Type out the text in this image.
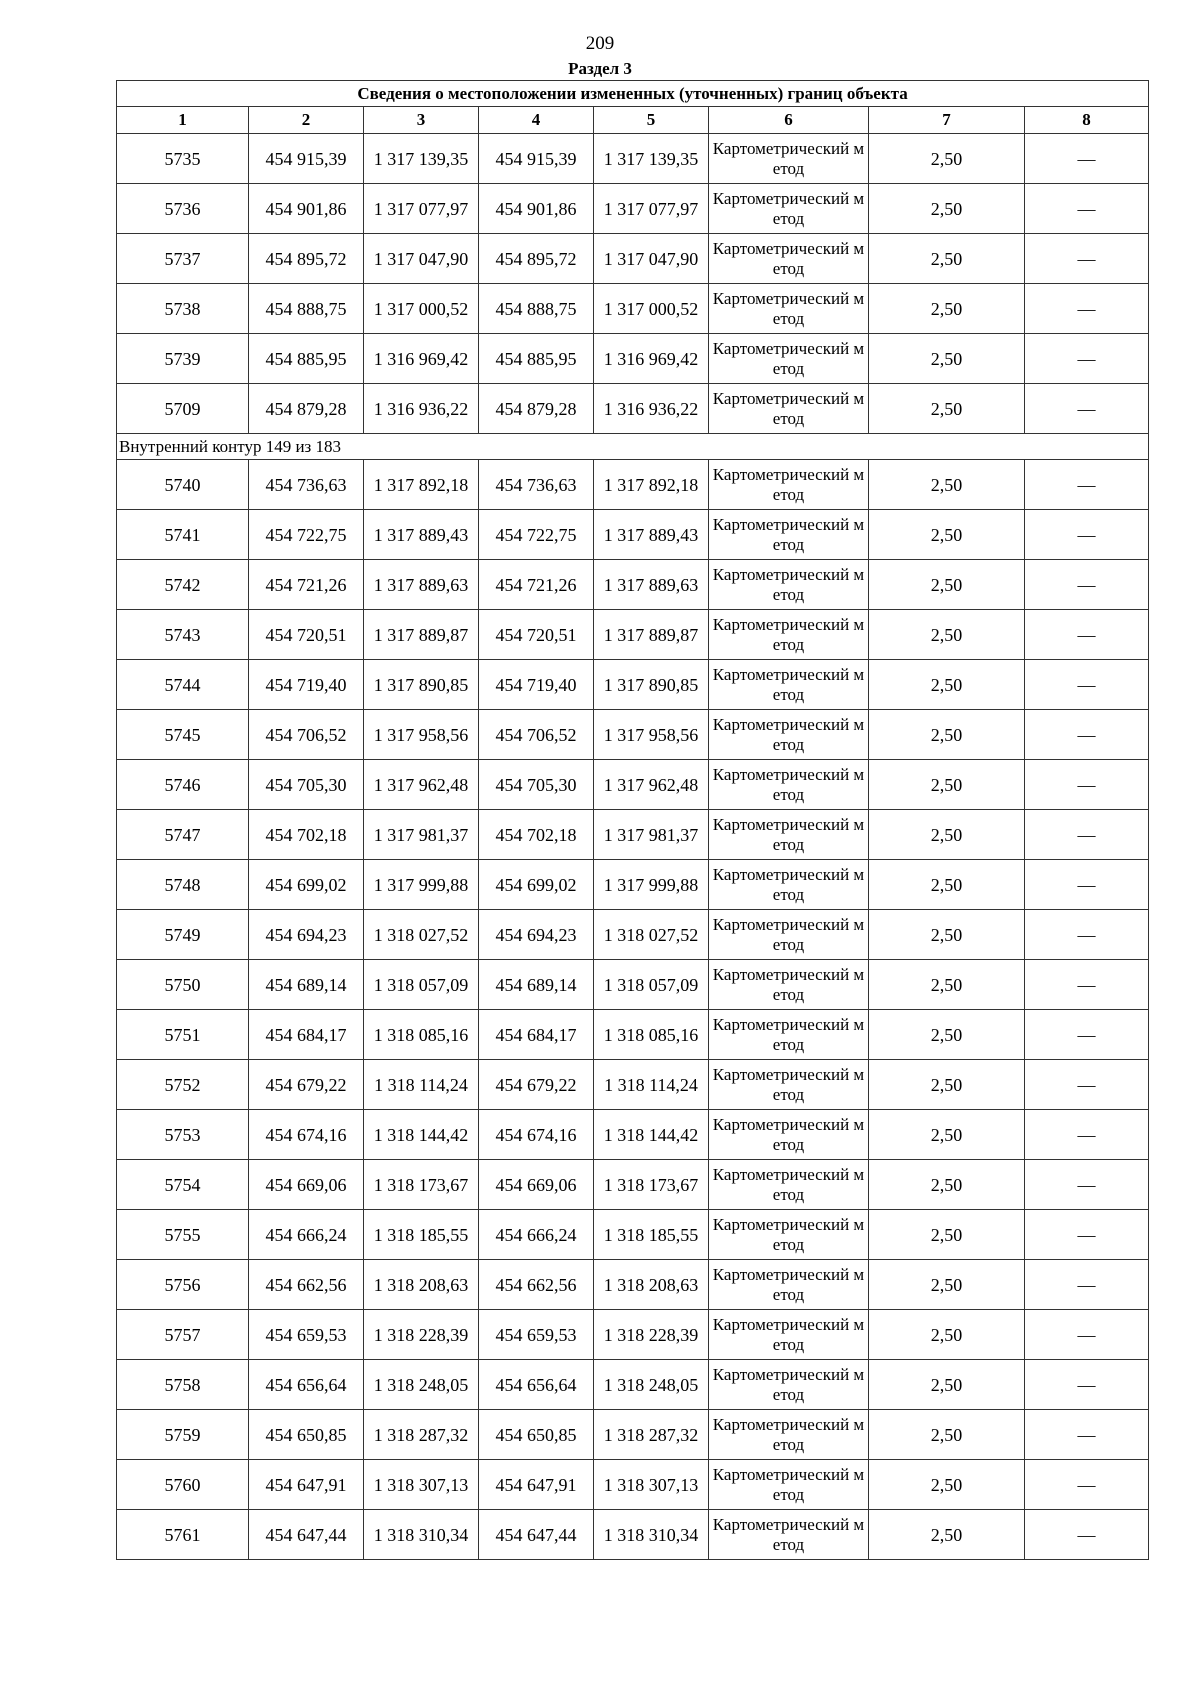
209
Раздел 3
Сведения о местоположении измененных (уточненных) границ объекта							
1	2	3	4	5	6	7	8
5735	454 915,39	1 317 139,35	454 915,39	1 317 139,35	Картометрический метод	2,50	—
5736	454 901,86	1 317 077,97	454 901,86	1 317 077,97	Картометрический метод	2,50	—
5737	454 895,72	1 317 047,90	454 895,72	1 317 047,90	Картометрический метод	2,50	—
5738	454 888,75	1 317 000,52	454 888,75	1 317 000,52	Картометрический метод	2,50	—
5739	454 885,95	1 316 969,42	454 885,95	1 316 969,42	Картометрический метод	2,50	—
5709	454 879,28	1 316 936,22	454 879,28	1 316 936,22	Картометрический метод	2,50	—
Внутренний контур 149 из 183							
5740	454 736,63	1 317 892,18	454 736,63	1 317 892,18	Картометрический метод	2,50	—
5741	454 722,75	1 317 889,43	454 722,75	1 317 889,43	Картометрический метод	2,50	—
5742	454 721,26	1 317 889,63	454 721,26	1 317 889,63	Картометрический метод	2,50	—
5743	454 720,51	1 317 889,87	454 720,51	1 317 889,87	Картометрический метод	2,50	—
5744	454 719,40	1 317 890,85	454 719,40	1 317 890,85	Картометрический метод	2,50	—
5745	454 706,52	1 317 958,56	454 706,52	1 317 958,56	Картометрический метод	2,50	—
5746	454 705,30	1 317 962,48	454 705,30	1 317 962,48	Картометрический метод	2,50	—
5747	454 702,18	1 317 981,37	454 702,18	1 317 981,37	Картометрический метод	2,50	—
5748	454 699,02	1 317 999,88	454 699,02	1 317 999,88	Картометрический метод	2,50	—
5749	454 694,23	1 318 027,52	454 694,23	1 318 027,52	Картометрический метод	2,50	—
5750	454 689,14	1 318 057,09	454 689,14	1 318 057,09	Картометрический метод	2,50	—
5751	454 684,17	1 318 085,16	454 684,17	1 318 085,16	Картометрический метод	2,50	—
5752	454 679,22	1 318 114,24	454 679,22	1 318 114,24	Картометрический метод	2,50	—
5753	454 674,16	1 318 144,42	454 674,16	1 318 144,42	Картометрический метод	2,50	—
5754	454 669,06	1 318 173,67	454 669,06	1 318 173,67	Картометрический метод	2,50	—
5755	454 666,24	1 318 185,55	454 666,24	1 318 185,55	Картометрический метод	2,50	—
5756	454 662,56	1 318 208,63	454 662,56	1 318 208,63	Картометрический метод	2,50	—
5757	454 659,53	1 318 228,39	454 659,53	1 318 228,39	Картометрический метод	2,50	—
5758	454 656,64	1 318 248,05	454 656,64	1 318 248,05	Картометрический метод	2,50	—
5759	454 650,85	1 318 287,32	454 650,85	1 318 287,32	Картометрический метод	2,50	—
5760	454 647,91	1 318 307,13	454 647,91	1 318 307,13	Картометрический метод	2,50	—
5761	454 647,44	1 318 310,34	454 647,44	1 318 310,34	Картометрический метод	2,50	—
